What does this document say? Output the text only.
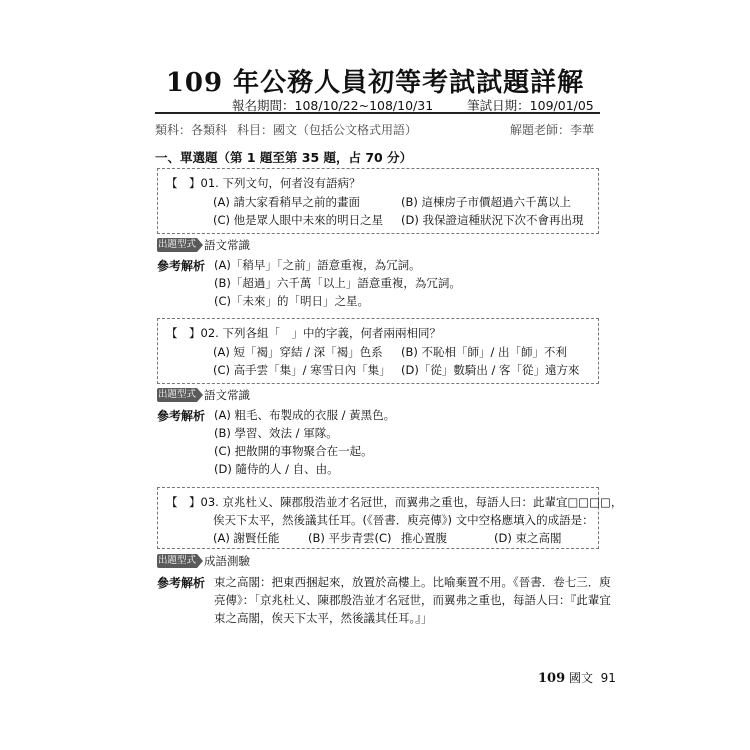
109 年公務人員初等考試試題詳解
報名期間：108/10/22~108/10/31	筆試日期：109/01/05
類科：各類科 科目：國文（包括公文格式用語）	解題老師：李華
一、單選題（第 1 題至第 35 題，占 70 分）
【　】01. 下列文句，何者沒有語病？
(A) 請大家看稍早之前的畫面	(B) 這棟房子市價超過六千萬以上
(C) 他是眾人眼中未來的明日之星 (D) 我保證這種狀況下次不會再出現
出題型式 語文常識
參考解析 (A)「稍早」「之前」語意重複，為冗詞。
(B)「超過」六千萬「以上」語意重複，為冗詞。
(C)「未來」的「明日」之星。
【　】02. 下列各組「　」中的字義，何者兩兩相同？
(A) 短「褐」穿結 / 深「褐」色系 (B) 不恥相「師」/ 出「師」不利
(C) 高手雲「集」/ 寒雪日內「集」 (D)「從」數騎出 / 客「從」遠方來
出題型式 語文常識
參考解析 (A) 粗毛、布製成的衣服 / 黃黑色。
(B) 學習、效法 / 軍隊。
(C) 把散開的事物聚合在一起。
(D) 隨侍的人 / 自、由。
【　】03. 京兆杜乂、陳郡殷浩並才名冠世，而翼弗之重也，每語人曰：此輩宜□□□□，
俟天下太平，然後議其任耳。(《晉書．庾亮傳》) 文中空格應填入的成語是：
(A) 謝賢任能 (B) 平步青雲(C) 推心置腹	(D) 束之高閣
出題型式 成語測驗
參考解析 束之高閣：把東西捆起來，放置於高樓上。比喻棄置不用。《晉書．卷七三．庾
亮傳》：「京兆杜乂、陳郡殷浩並才名冠世，而翼弗之重也，每語人曰：『此輩宜
束之高閣，俟天下太平，然後議其任耳。』」
109 國文 91
